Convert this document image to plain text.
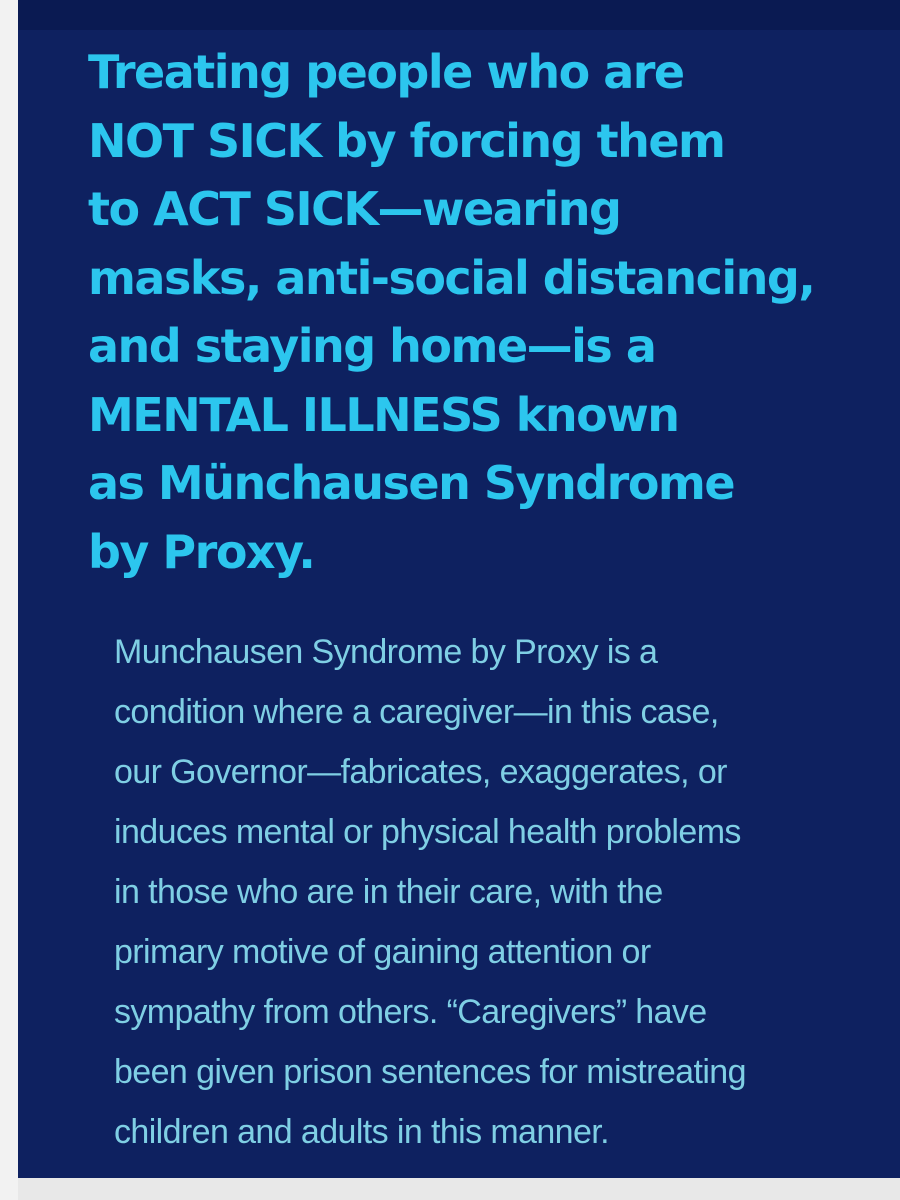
Treating people who are
NOT SICK by forcing them
to ACT SICK—wearing
masks, anti-social distancing,
and staying home—is a
MENTAL ILLNESS known
as Münchausen Syndrome
by Proxy.

Munchausen Syndrome by Proxy is a
condition where a caregiver—in this case,
our Governor—fabricates, exaggerates, or
induces mental or physical health problems
in those who are in their care, with the
primary motive of gaining attention or
sympathy from others. “Caregivers” have
been given prison sentences for mistreating
children and adults in this manner.
